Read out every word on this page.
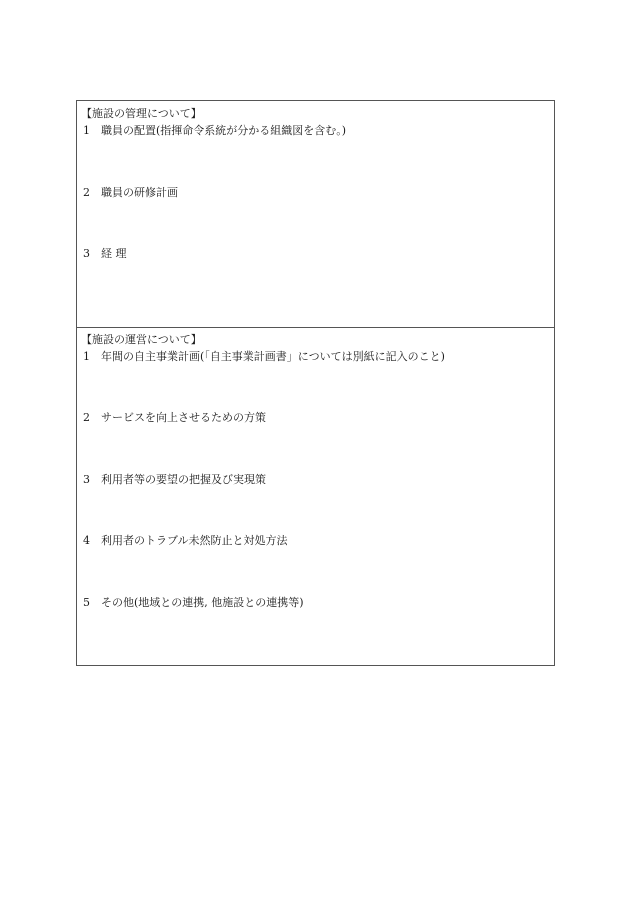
【施設の管理について】
1 職員の配置(指揮命令系統が分かる組織図を含む。)
2 職員の研修計画
3 経 理
【施設の運営について】
1 年間の自主事業計画(「自主事業計画書」については別紙に記入のこと)
2 サービスを向上させるための方策
3 利用者等の要望の把握及び実現策
4 利用者のトラブル未然防止と対処方法
5 その他(地域との連携, 他施設との連携等)
